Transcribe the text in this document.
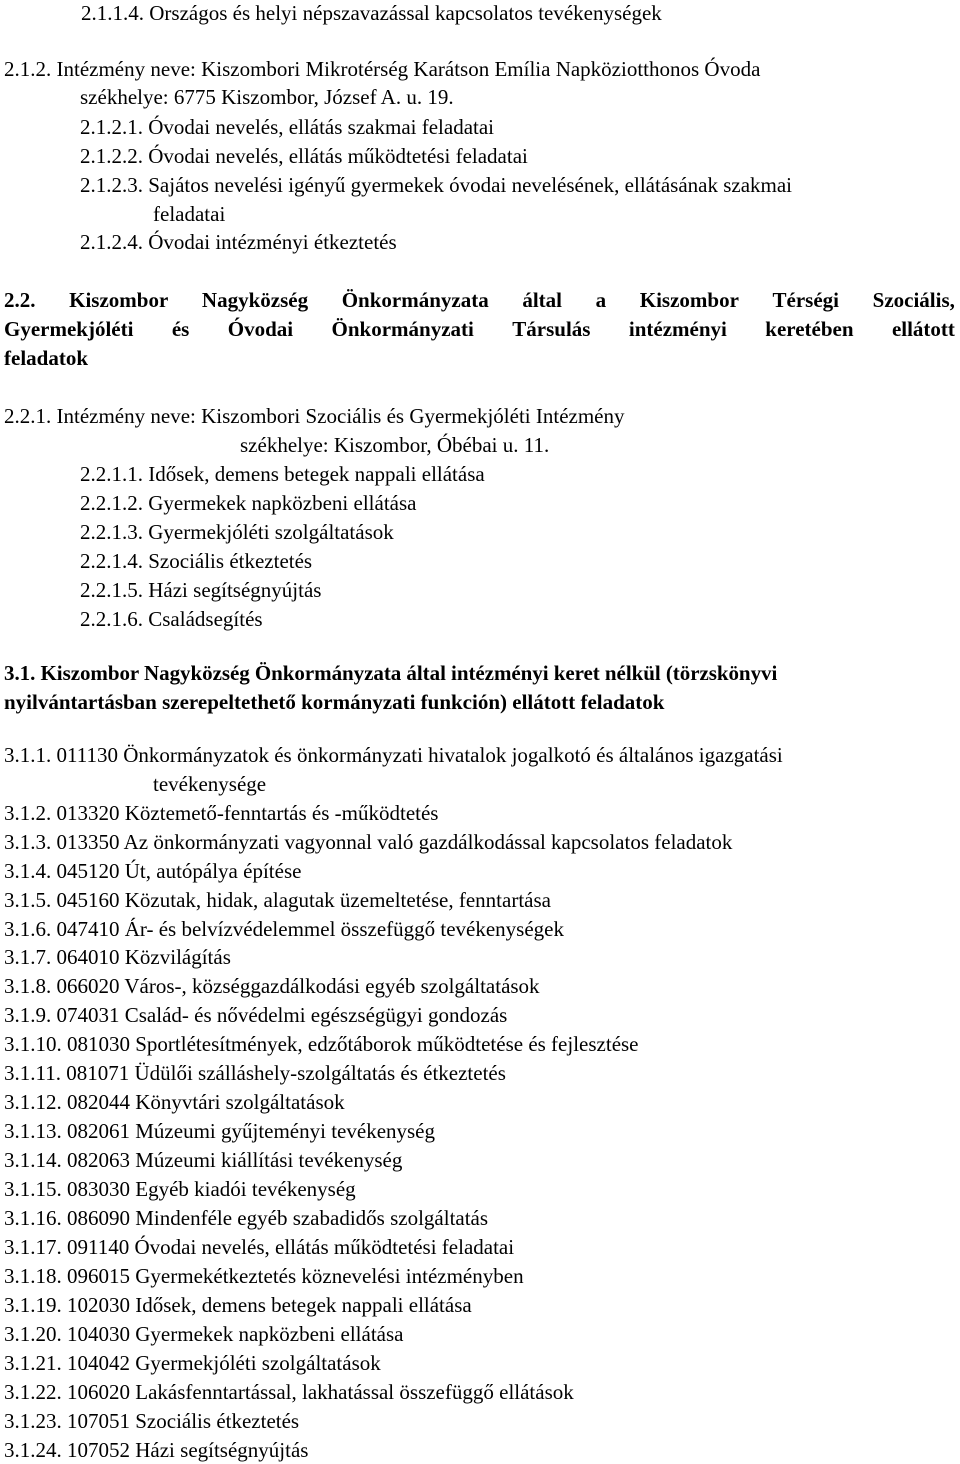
2.1.1.4. Országos és helyi népszavazással kapcsolatos tevékenységek
2.1.2. Intézmény neve: Kiszombori Mikrotérség Karátson Emília Napköziotthonos Óvoda
székhelye: 6775 Kiszombor, József A. u. 19.
2.1.2.1. Óvodai nevelés, ellátás szakmai feladatai
2.1.2.2. Óvodai nevelés, ellátás működtetési feladatai
2.1.2.3. Sajátos nevelési igényű gyermekek óvodai nevelésének, ellátásának szakmai
feladatai
2.1.2.4. Óvodai intézményi étkeztetés
2.2. Kiszombor Nagyközség Önkormányzata által a Kiszombor Térségi Szociális,
Gyermekjóléti és Óvodai Önkormányzati Társulás intézményi keretében ellátott
feladatok
2.2.1. Intézmény neve: Kiszombori Szociális és Gyermekjóléti Intézmény
székhelye: Kiszombor, Óbébai u. 11.
2.2.1.1. Idősek, demens betegek nappali ellátása
2.2.1.2. Gyermekek napközbeni ellátása
2.2.1.3. Gyermekjóléti szolgáltatások
2.2.1.4. Szociális étkeztetés
2.2.1.5. Házi segítségnyújtás
2.2.1.6. Családsegítés
3.1. Kiszombor Nagyközség Önkormányzata által intézményi keret nélkül (törzskönyvi
nyilvántartásban szerepeltethető kormányzati funkción) ellátott feladatok
3.1.1. 011130 Önkormányzatok és önkormányzati hivatalok jogalkotó és általános igazgatási
tevékenysége
3.1.2. 013320 Köztemető-fenntartás és -működtetés
3.1.3. 013350 Az önkormányzati vagyonnal való gazdálkodással kapcsolatos feladatok
3.1.4. 045120 Út, autópálya építése
3.1.5. 045160 Közutak, hidak, alagutak üzemeltetése, fenntartása
3.1.6. 047410 Ár- és belvízvédelemmel összefüggő tevékenységek
3.1.7. 064010 Közvilágítás
3.1.8. 066020 Város-, községgazdálkodási egyéb szolgáltatások
3.1.9. 074031 Család- és nővédelmi egészségügyi gondozás
3.1.10. 081030 Sportlétesítmények, edzőtáborok működtetése és fejlesztése
3.1.11. 081071 Üdülői szálláshely-szolgáltatás és étkeztetés
3.1.12. 082044 Könyvtári szolgáltatások
3.1.13. 082061 Múzeumi gyűjteményi tevékenység
3.1.14. 082063 Múzeumi kiállítási tevékenység
3.1.15. 083030 Egyéb kiadói tevékenység
3.1.16. 086090 Mindenféle egyéb szabadidős szolgáltatás
3.1.17. 091140 Óvodai nevelés, ellátás működtetési feladatai
3.1.18. 096015 Gyermekétkeztetés köznevelési intézményben
3.1.19. 102030 Idősek, demens betegek nappali ellátása
3.1.20. 104030 Gyermekek napközbeni ellátása
3.1.21. 104042 Gyermekjóléti szolgáltatások
3.1.22. 106020 Lakásfenntartással, lakhatással összefüggő ellátások
3.1.23. 107051 Szociális étkeztetés
3.1.24. 107052 Házi segítségnyújtás
